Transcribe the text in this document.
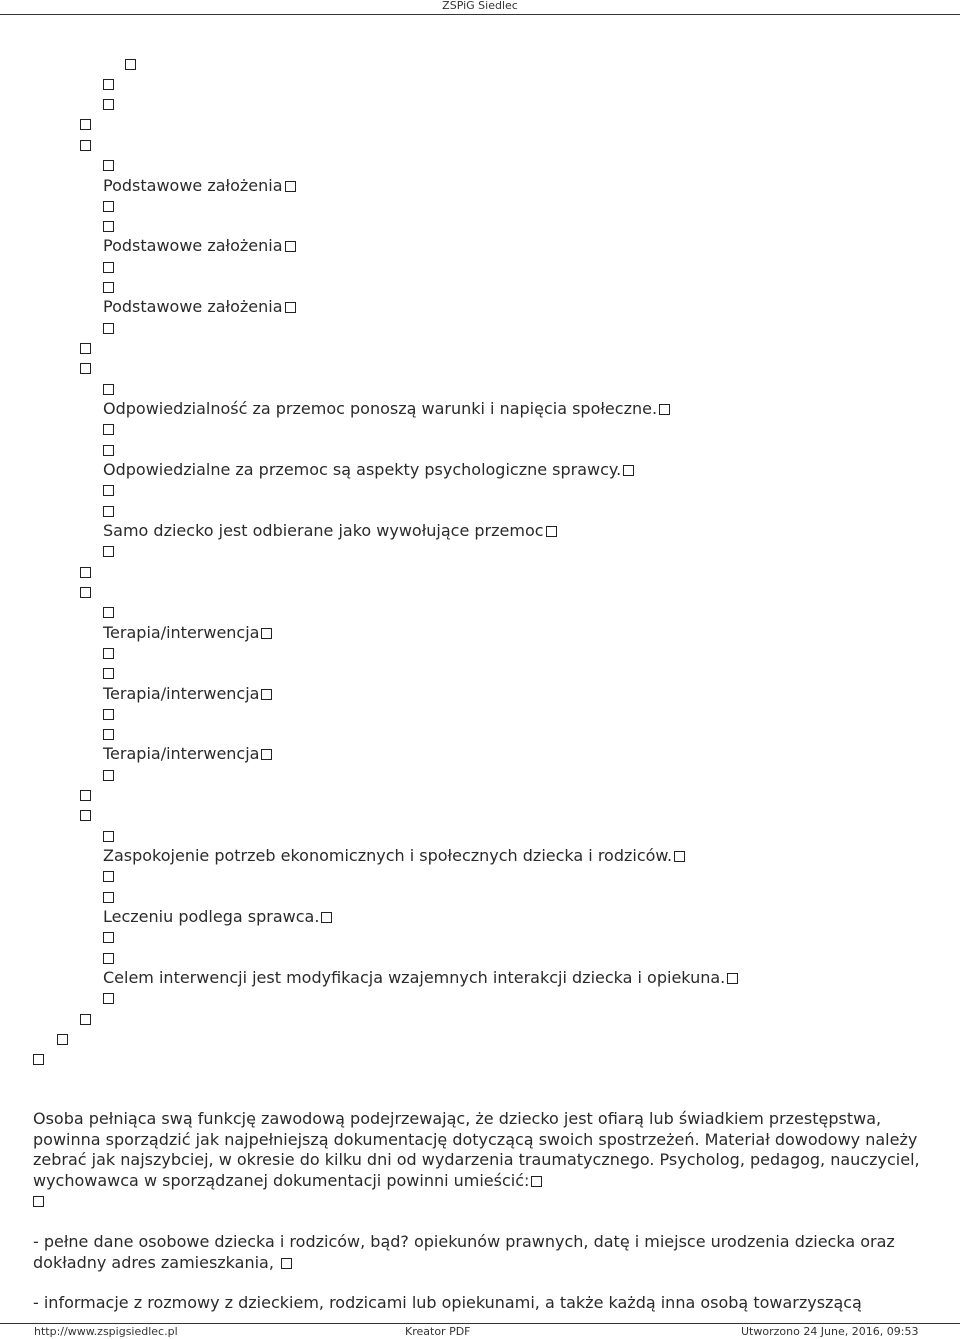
ZSPiG Siedlec
Podstawowe założenia
Podstawowe założenia
Podstawowe założenia
Odpowiedzialność za przemoc ponoszą warunki i napięcia społeczne.
Odpowiedzialne za przemoc są aspekty psychologiczne sprawcy.
Samo dziecko jest odbierane jako wywołujące przemoc
Terapia/interwencja
Terapia/interwencja
Terapia/interwencja
Zaspokojenie potrzeb ekonomicznych i społecznych dziecka i rodziców.
Leczeniu podlega sprawca.
Celem interwencji jest modyfikacja wzajemnych interakcji dziecka i opiekuna.
Osoba pełniąca swą funkcję zawodową podejrzewając, że dziecko jest ofiarą lub świadkiem przestępstwa, powinna sporządzić jak najpełniejszą dokumentację dotyczącą swoich spostrzeżeń. Materiał dowodowy należy zebrać jak najszybciej, w okresie do kilku dni od wydarzenia traumatycznego. Psycholog, pedagog, nauczyciel, wychowawca w sporządzanej dokumentacji powinni umieścić:

- pełne dane osobowe dziecka i rodziców, bąd? opiekunów prawnych, datę i miejsce urodzenia dziecka oraz dokładny adres zamieszkania,
- informacje z rozmowy z dzieckiem, rodzicami lub opiekunami, a także każdą inna osobą towarzyszącą
http://www.zspigsiedlec.pl	Kreator PDF	Utworzono 24 June, 2016, 09:53
